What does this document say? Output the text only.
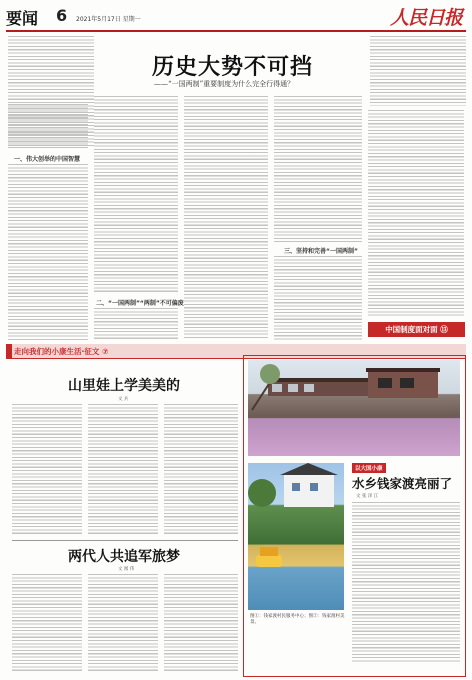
要闻 6 2021年5月17日 星期一	人民日报
历史大势不可挡
——“一国两制”重要制度为什么完全行得通？
一、伟大创举的中国智慧
二、“一国两制”“两制”不可偏废
三、坚持和完善“一国两制”
中国制度面对面 ⑬
走向我们的小康生活·征文 ⑦
山里娃上学美美的
文 兵
两代人共追军旅梦
文 闻 伟
以大国小康
水乡钱家渡亮丽了
文 张 泽 江
图①：钱家渡村民服务中心；图②：钱家渡村美景。
